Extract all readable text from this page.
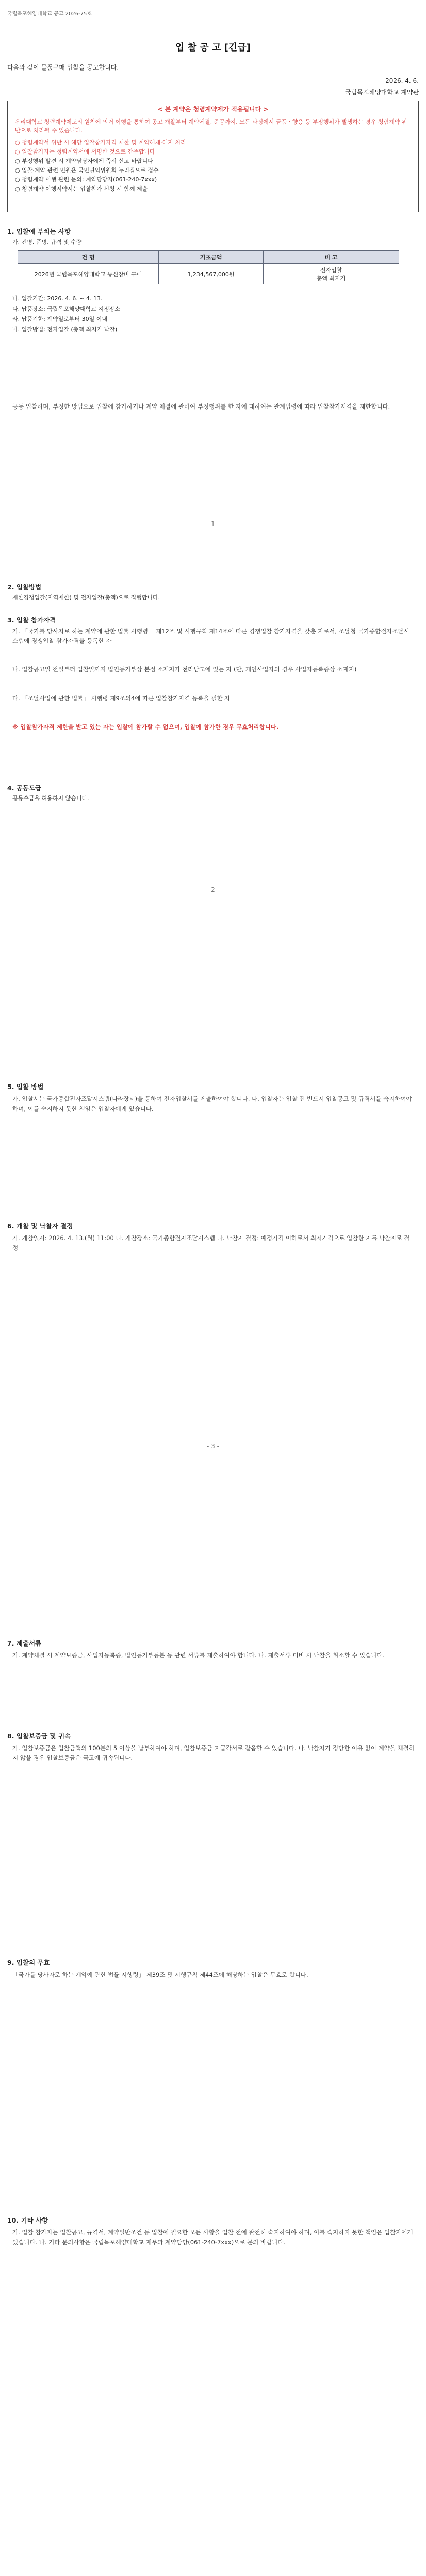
국립목포해양대학교 공고 2026-75호
입 찰 공 고 [긴급]
다음과 같이 물품구매 입찰을 공고합니다.
2026. 4. 6.
국립목포해양대학교 계약관
< 본 계약은 청렴계약제가 적용됩니다 >
우리대학교 청렴계약제도의 원칙에 의거 이행을 통하여 공고 개찰부터 계약체결, 준공까지, 모든 과정에서 금품ㆍ향응 등 부정행위가 발생하는 경우 청렴계약 위반으로 처리될 수 있습니다.
○ 청렴계약서 위반 시 해당 입찰참가자격 제한 및 계약해제·해지 처리
○ 입찰참가자는 청렴계약서에 서명한 것으로 간주합니다
○ 부정행위 발견 시 계약담당자에게 즉시 신고 바랍니다
○ 입찰·계약 관련 민원은 국민권익위원회 누리집으로 접수
○ 청렴계약 이행 관련 문의: 계약담당자(061-240-7xxx)
○ 청렴계약 이행서약서는 입찰참가 신청 시 함께 제출
1. 입찰에 부치는 사항
가. 건명, 품명, 규격 및 수량
건 명	기초금액	비 고
2026년 국립목포해양대학교 통신장비 구매	1,234,567,000원	전자입찰
총액 최저가
나. 입찰기간: 2026. 4. 6. ~ 4. 13.
다. 납품장소: 국립목포해양대학교 지정장소
라. 납품기한: 계약일로부터 30일 이내
마. 입찰방법: 전자입찰 (총액 최저가 낙찰)
공동 입찰하며, 부정한 방법으로 입찰에 참가하거나 계약 체결에 관하여 부정행위를 한 자에 대하여는 관계법령에 따라 입찰참가자격을 제한합니다.
- 1 -
2. 입찰방법
제한경쟁입찰(지역제한) 및 전자입찰(총액)으로 집행합니다.
3. 입찰 참가자격
가. 「국가를 당사자로 하는 계약에 관한 법률 시행령」 제12조 및 시행규칙 제14조에 따른 경쟁입찰 참가자격을 갖춘 자로서, 조달청 국가종합전자조달시스템에 경쟁입찰 참가자격을 등록한 자
나. 입찰공고일 전일부터 입찰일까지 법인등기부상 본점 소재지가 전라남도에 있는 자 (단, 개인사업자의 경우 사업자등록증상 소재지)
다. 「조달사업에 관한 법률」 시행령 제9조의4에 따른 입찰참가자격 등록을 필한 자
※ 입찰참가자격 제한을 받고 있는 자는 입찰에 참가할 수 없으며, 입찰에 참가한 경우 무효처리합니다.
4. 공동도급
공동수급을 허용하지 않습니다.
- 2 -
5. 입찰 방법
가. 입찰서는 국가종합전자조달시스템(나라장터)을 통하여 전자입찰서를 제출하여야 합니다. 나. 입찰자는 입찰 전 반드시 입찰공고 및 규격서를 숙지하여야 하며, 이를 숙지하지 못한 책임은 입찰자에게 있습니다.
6. 개찰 및 낙찰자 결정
가. 개찰일시: 2026. 4. 13.(월) 11:00 나. 개찰장소: 국가종합전자조달시스템 다. 낙찰자 결정: 예정가격 이하로서 최저가격으로 입찰한 자를 낙찰자로 결정
- 3 -
7. 제출서류
가. 계약체결 시 계약보증금, 사업자등록증, 법인등기부등본 등 관련 서류를 제출하여야 합니다. 나. 제출서류 미비 시 낙찰을 취소할 수 있습니다.
8. 입찰보증금 및 귀속
가. 입찰보증금은 입찰금액의 100분의 5 이상을 납부하여야 하며, 입찰보증금 지급각서로 갈음할 수 있습니다. 나. 낙찰자가 정당한 이유 없이 계약을 체결하지 않을 경우 입찰보증금은 국고에 귀속됩니다.
9. 입찰의 무효
「국가를 당사자로 하는 계약에 관한 법률 시행령」 제39조 및 시행규칙 제44조에 해당하는 입찰은 무효로 합니다.
10. 기타 사항
가. 입찰 참가자는 입찰공고, 규격서, 계약일반조건 등 입찰에 필요한 모든 사항을 입찰 전에 완전히 숙지하여야 하며, 이를 숙지하지 못한 책임은 입찰자에게 있습니다. 나. 기타 문의사항은 국립목포해양대학교 재무과 계약담당(061-240-7xxx)으로 문의 바랍니다.
